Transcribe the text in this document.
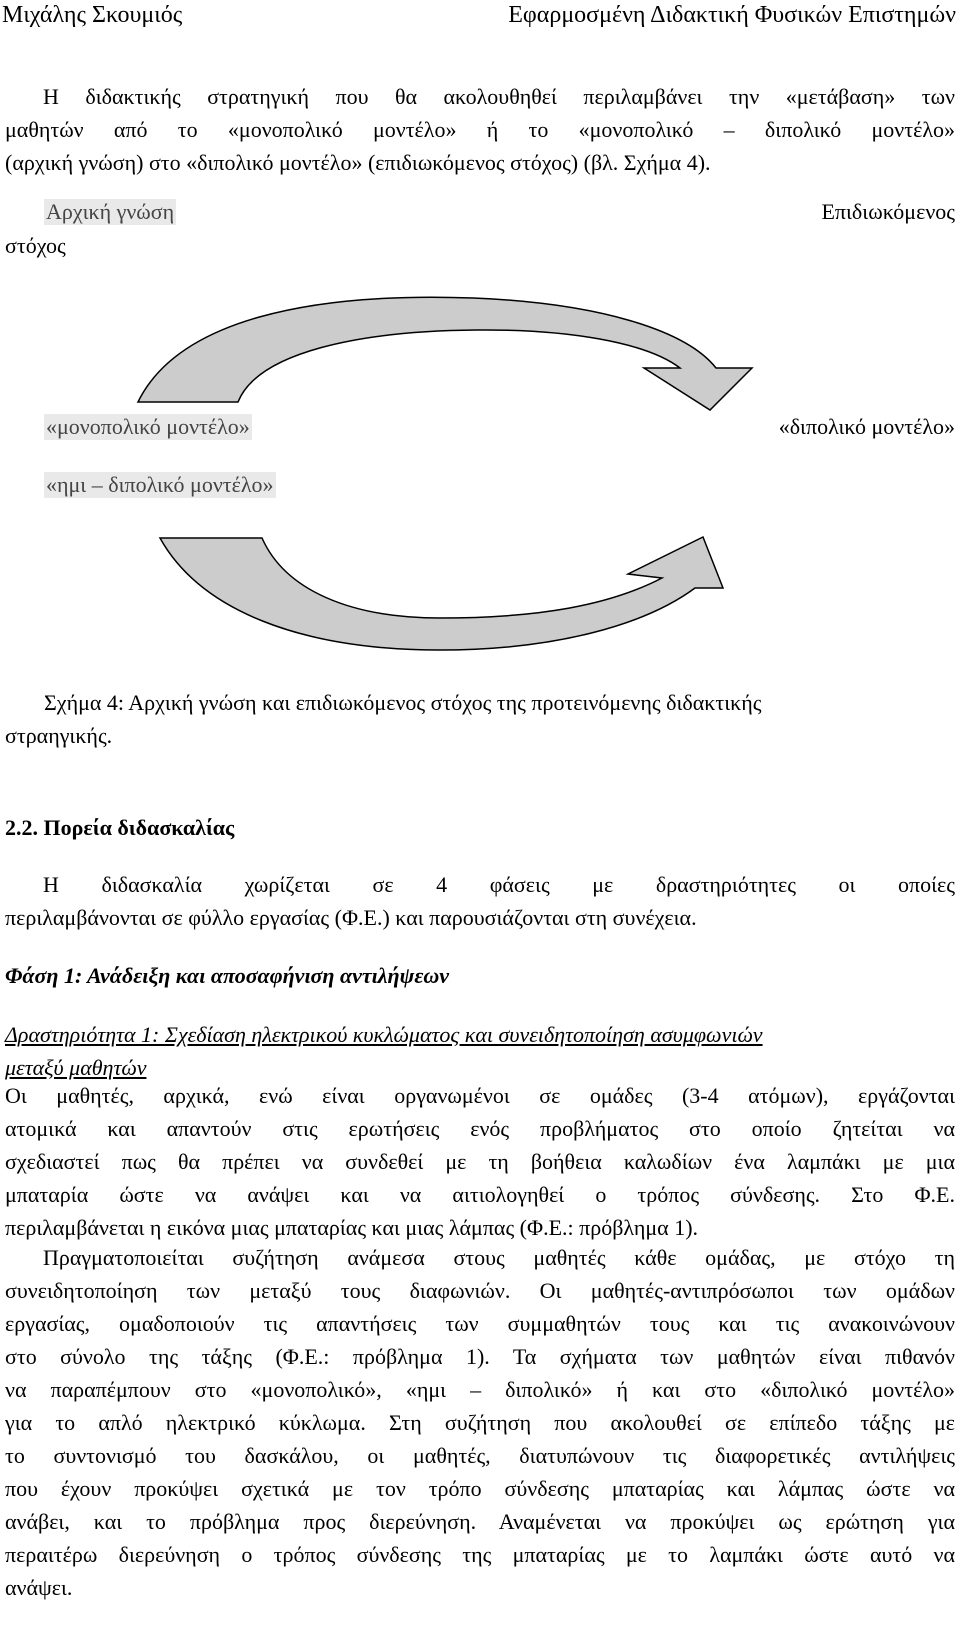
Μιχάλης Σκουμιός	Εφαρμοσμένη Διδακτική Φυσικών Επιστημών
Η διδακτικής στρατηγική που θα ακολουθηθεί περιλαμβάνει την «μετάβαση» των
μαθητών από το «μονοπολικό μοντέλο» ή το «μονοπολικό – διπολικό μοντέλο»
(αρχική γνώση) στο «διπολικό μοντέλο» (επιδιωκόμενος στόχος) (βλ. Σχήμα 4).
Αρχική γνώση	Επιδιωκόμενος
στόχος
«μονοπολικό μοντέλο»	«διπολικό μοντέλο»
«ημι – διπολικό μοντέλο»
Σχήμα 4: Αρχική γνώση και επιδιωκόμενος στόχος της προτεινόμενης διδακτικής
στραηγικής.
2.2. Πορεία διδασκαλίας
Η διδασκαλία χωρίζεται σε 4 φάσεις με δραστηριότητες οι οποίες
περιλαμβάνονται σε φύλλο εργασίας (Φ.Ε.) και παρουσιάζονται στη συνέχεια.
Φάση 1: Ανάδειξη και αποσαφήνιση αντιλήψεων
Δραστηριότητα 1: Σχεδίαση ηλεκτρικού κυκλώματος και συνειδητοποίηση ασυμφωνιών
μεταξύ μαθητών
Οι μαθητές, αρχικά, ενώ είναι οργανωμένοι σε ομάδες (3-4 ατόμων), εργάζονται
ατομικά και απαντούν στις ερωτήσεις ενός προβλήματος στο οποίο ζητείται να
σχεδιαστεί πως θα πρέπει να συνδεθεί με τη βοήθεια καλωδίων ένα λαμπάκι με μια
μπαταρία ώστε να ανάψει και να αιτιολογηθεί ο τρόπος σύνδεσης. Στο Φ.Ε.
περιλαμβάνεται η εικόνα μιας μπαταρίας και μιας λάμπας (Φ.Ε.: πρόβλημα 1).
Πραγματοποιείται συζήτηση ανάμεσα στους μαθητές κάθε ομάδας, με στόχο τη
συνειδητοποίηση των μεταξύ τους διαφωνιών. Οι μαθητές-αντιπρόσωποι των ομάδων
εργασίας, ομαδοποιούν τις απαντήσεις των συμμαθητών τους και τις ανακοινώνουν
στο σύνολο της τάξης (Φ.Ε.: πρόβλημα 1). Τα σχήματα των μαθητών είναι πιθανόν
να παραπέμπουν στο «μονοπολικό», «ημι – διπολικό» ή και στο «διπολικό μοντέλο»
για το απλό ηλεκτρικό κύκλωμα. Στη συζήτηση που ακολουθεί σε επίπεδο τάξης με
το συντονισμό του δασκάλου, οι μαθητές, διατυπώνουν τις διαφορετικές αντιλήψεις
που έχουν προκύψει σχετικά με τον τρόπο σύνδεσης μπαταρίας και λάμπας ώστε να
ανάβει, και το πρόβλημα προς διερεύνηση. Αναμένεται να προκύψει ως ερώτηση για
περαιτέρω διερεύνηση ο τρόπος σύνδεσης της μπαταρίας με το λαμπάκι ώστε αυτό να
ανάψει.
